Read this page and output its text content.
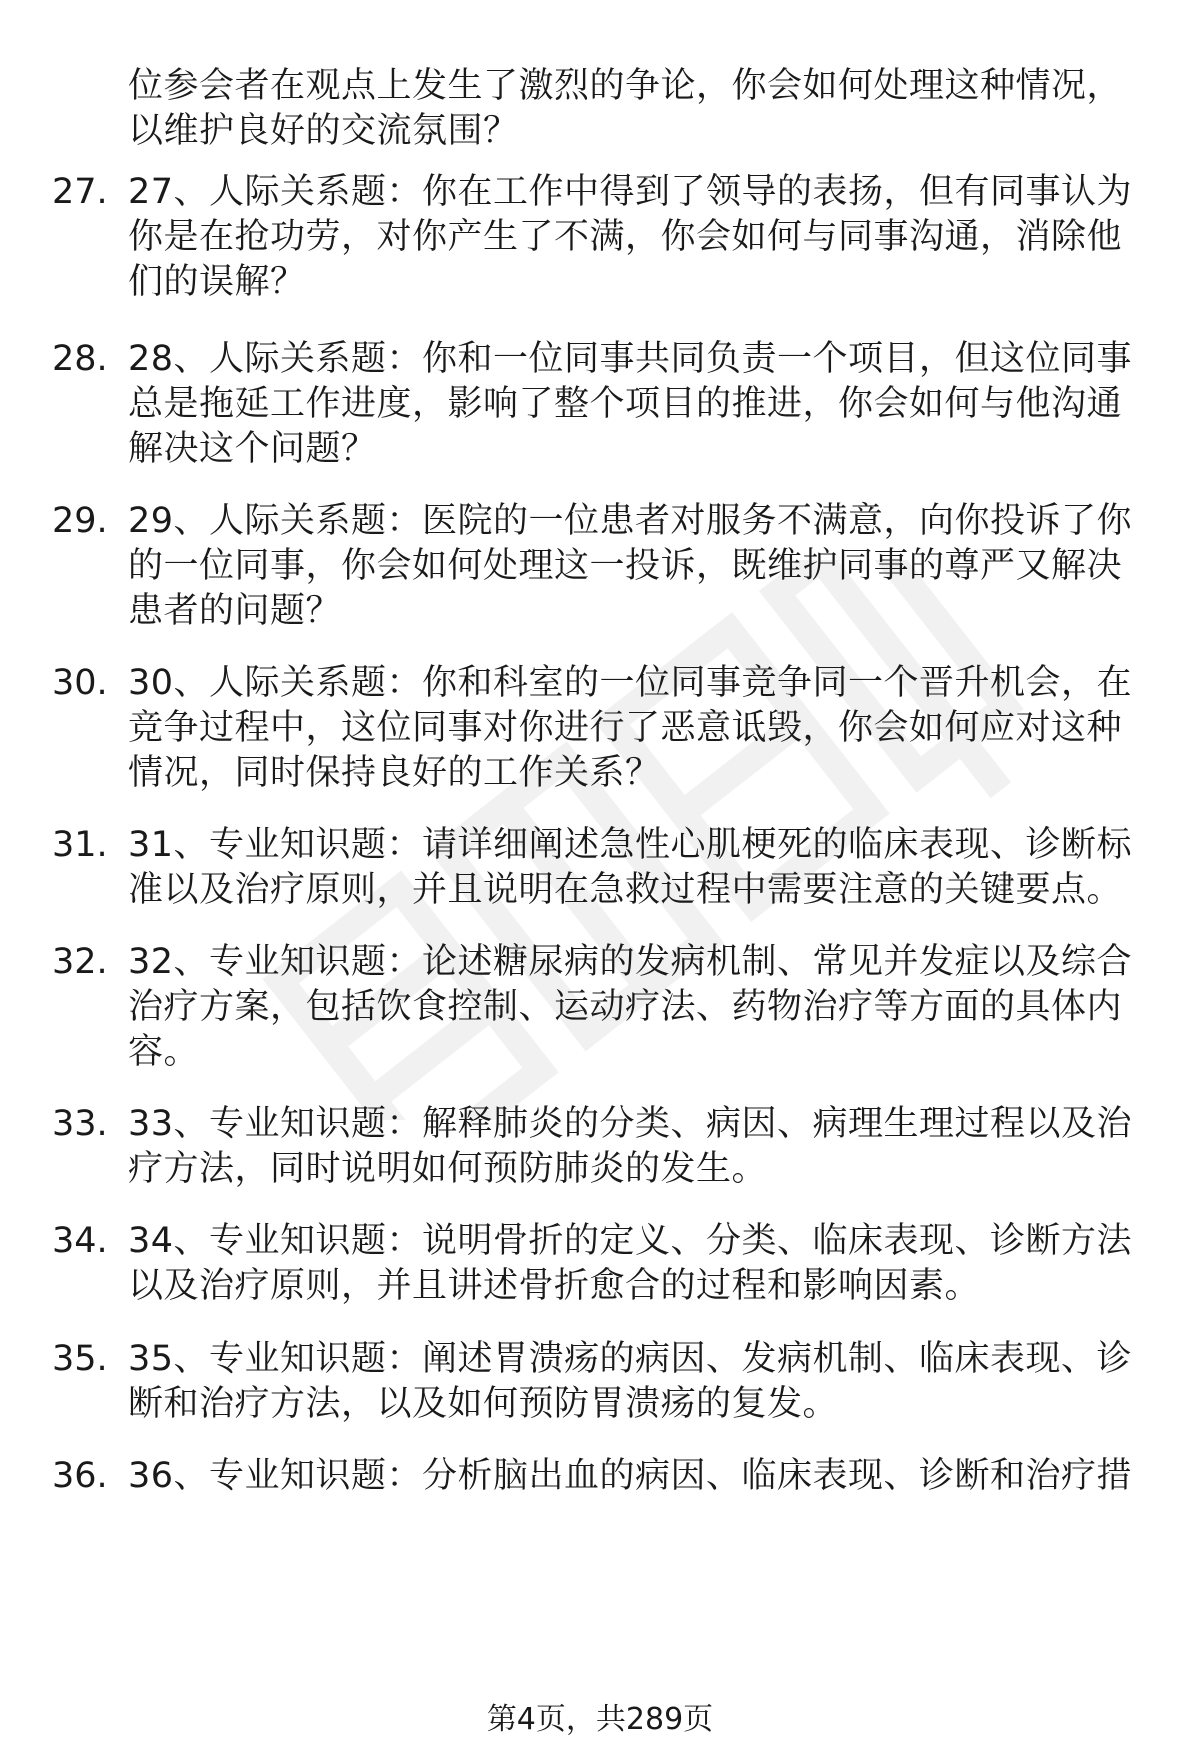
位参会者在观点上发生了激烈的争论，你会如何处理这种情况，以维护良好的交流氛围？
27. 27、人际关系题：你在工作中得到了领导的表扬，但有同事认为你是在抢功劳，对你产生了不满，你会如何与同事沟通，消除他们的误解？
28. 28、人际关系题：你和一位同事共同负责一个项目，但这位同事总是拖延工作进度，影响了整个项目的推进，你会如何与他沟通解决这个问题？
29. 29、人际关系题：医院的一位患者对服务不满意，向你投诉了你的一位同事，你会如何处理这一投诉，既维护同事的尊严又解决患者的问题？
30. 30、人际关系题：你和科室的一位同事竞争同一个晋升机会，在竞争过程中，这位同事对你进行了恶意诋毁，你会如何应对这种情况，同时保持良好的工作关系？
31. 31、专业知识题：请详细阐述急性心肌梗死的临床表现、诊断标准以及治疗原则，并且说明在急救过程中需要注意的关键要点。
32. 32、专业知识题：论述糖尿病的发病机制、常见并发症以及综合治疗方案，包括饮食控制、运动疗法、药物治疗等方面的具体内容。
33. 33、专业知识题：解释肺炎的分类、病因、病理生理过程以及治疗方法，同时说明如何预防肺炎的发生。
34. 34、专业知识题：说明骨折的定义、分类、临床表现、诊断方法以及治疗原则，并且讲述骨折愈合的过程和影响因素。
35. 35、专业知识题：阐述胃溃疡的病因、发病机制、临床表现、诊断和治疗方法，以及如何预防胃溃疡的复发。
36. 36、专业知识题：分析脑出血的病因、临床表现、诊断和治疗措
第4页，共289页
